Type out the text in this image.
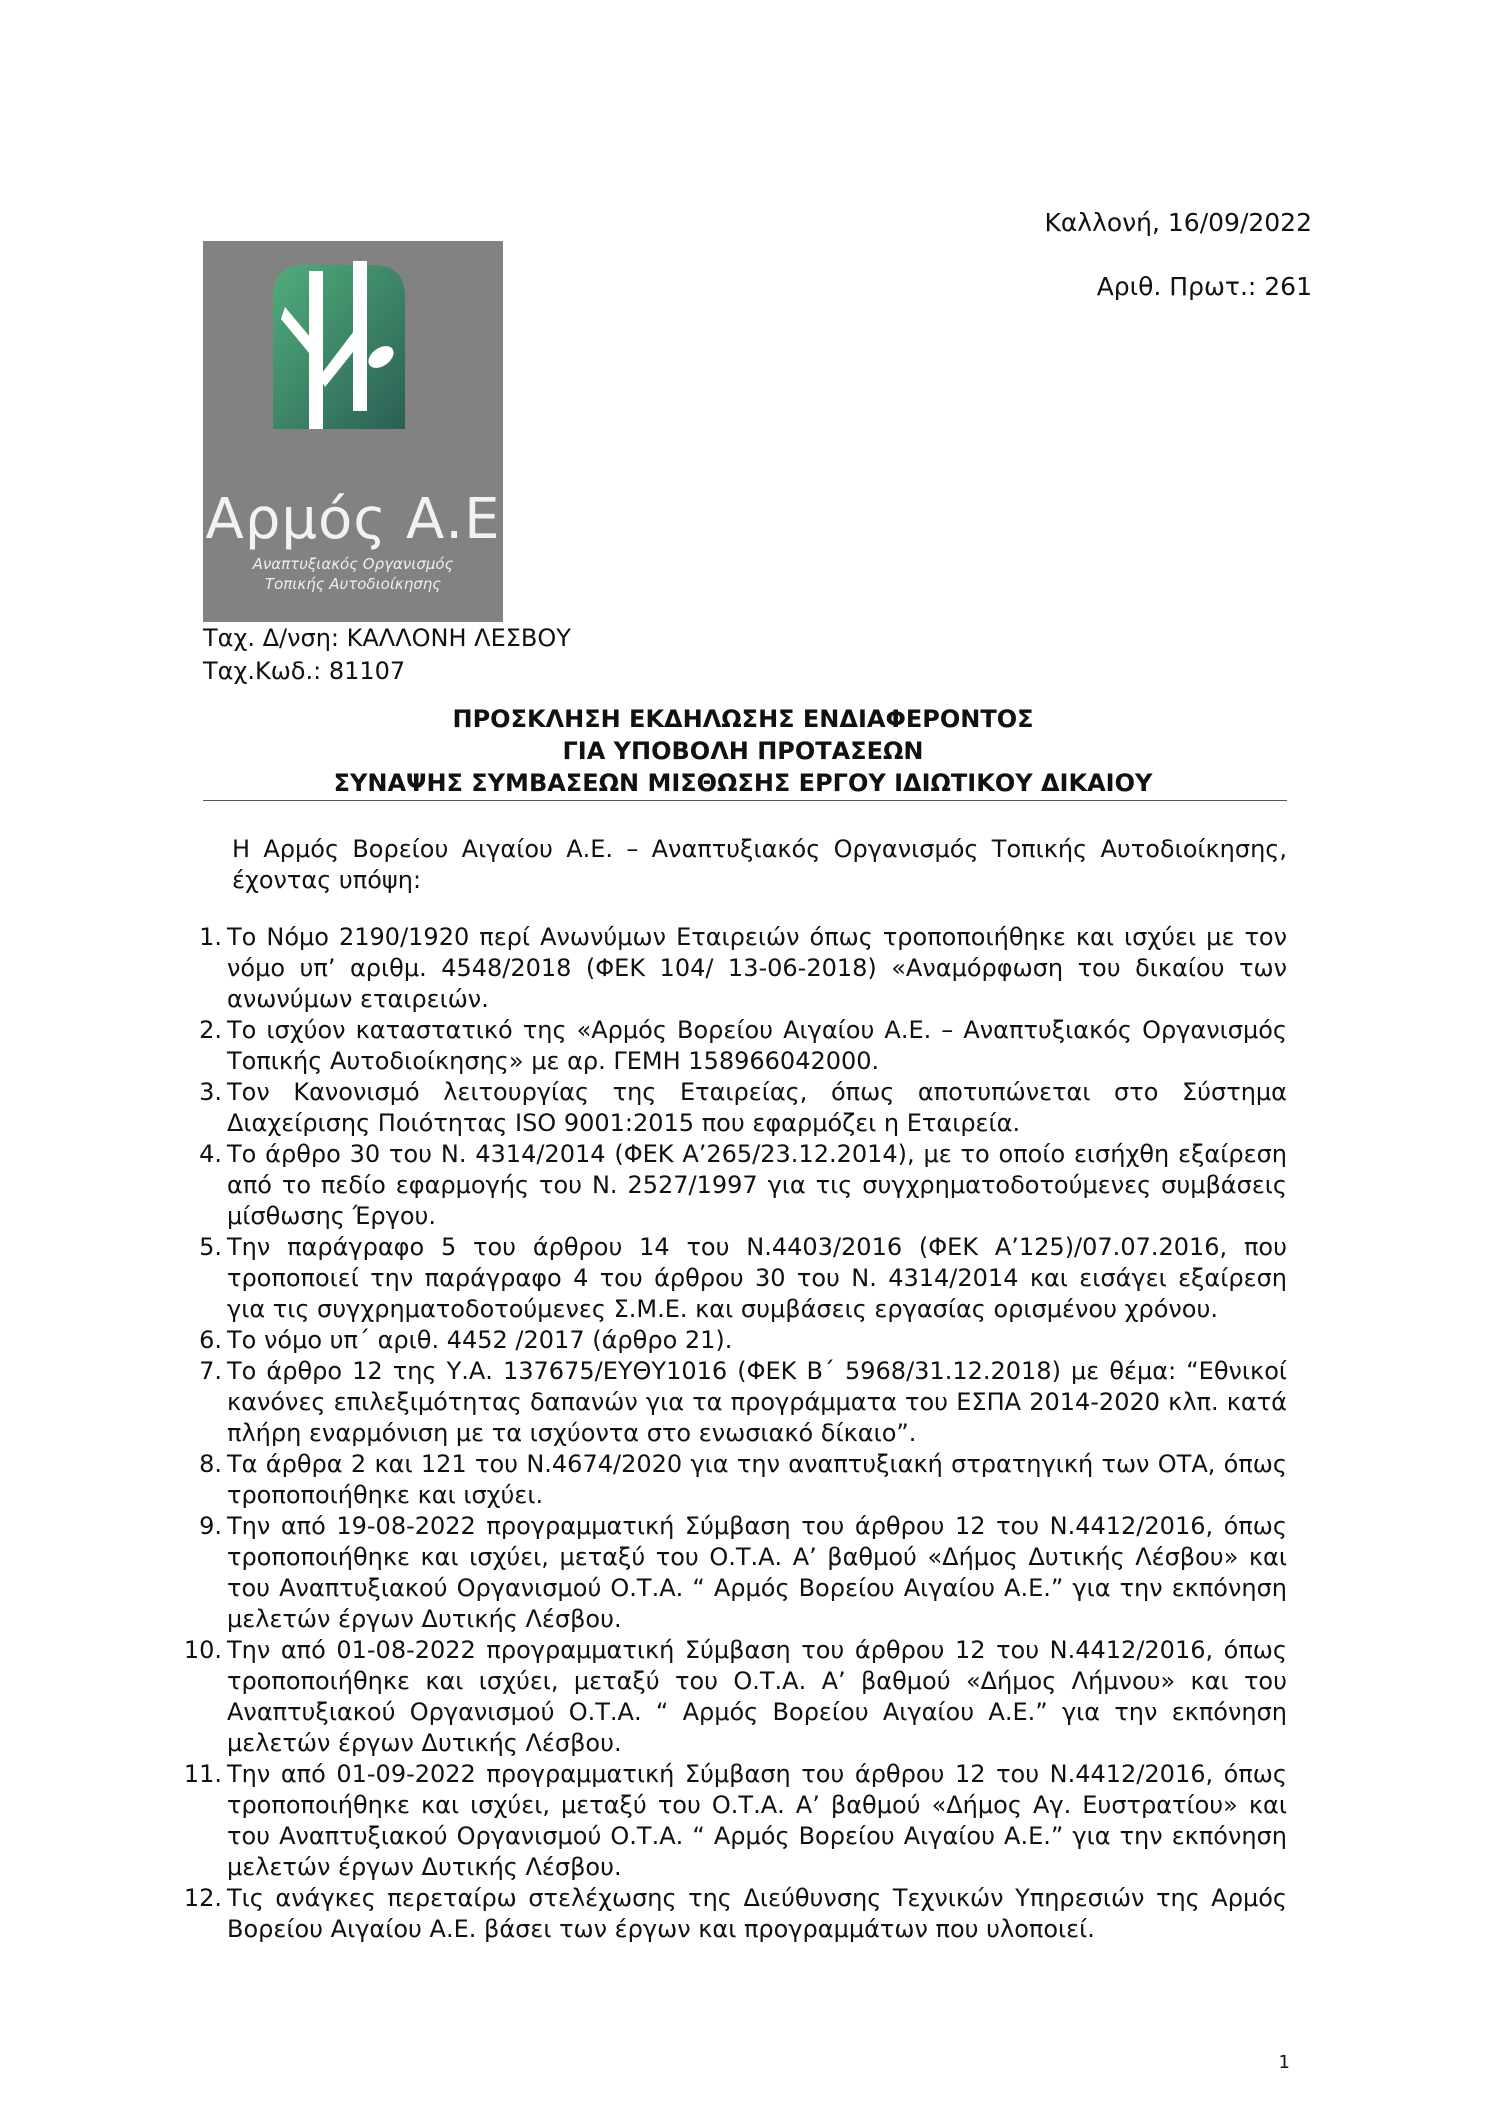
Καλλονή, 16/09/2022
Αριθ. Πρωτ.: 261
Αρμός Α.Ε
Αναπτυξιακός Οργανισμός
Τοπικής Αυτοδιοίκησης
Ταχ. Δ/νση: ΚΑΛΛΟΝΗ ΛΕΣΒΟΥ
Ταχ.Κωδ.: 81107
ΠΡΟΣΚΛΗΣΗ ΕΚΔΗΛΩΣΗΣ ΕΝΔΙΑΦΕΡΟΝΤΟΣ
ΓΙΑ ΥΠΟΒΟΛΗ ΠΡΟΤΑΣΕΩΝ
ΣΥΝΑΨΗΣ ΣΥΜΒΑΣΕΩΝ ΜΙΣΘΩΣΗΣ ΕΡΓΟΥ ΙΔΙΩΤΙΚΟΥ ΔΙΚΑΙΟΥ
Η Αρμός Βορείου Αιγαίου Α.Ε. – Αναπτυξιακός Οργανισμός Τοπικής Αυτοδιοίκησης, έχοντας υπόψη:
1. Το Νόμο 2190/1920 περί Ανωνύμων Εταιρειών όπως τροποποιήθηκε και ισχύει με τον νόμο υπ’ αριθμ. 4548/2018 (ΦΕΚ 104/ 13-06-2018) «Αναμόρφωση του δικαίου των ανωνύμων εταιρειών.
2. Το ισχύον καταστατικό της «Αρμός Βορείου Αιγαίου Α.Ε. – Αναπτυξιακός Οργανισμός Τοπικής Αυτοδιοίκησης» με αρ. ΓΕΜΗ 158966042000.
3. Τον Κανονισμό λειτουργίας της Εταιρείας, όπως αποτυπώνεται στο Σύστημα Διαχείρισης Ποιότητας ISO 9001:2015 που εφαρμόζει η Εταιρεία.
4. Το άρθρο 30 του Ν. 4314/2014 (ΦΕΚ Α’265/23.12.2014), με το οποίο εισήχθη εξαίρεση από το πεδίο εφαρμογής του Ν. 2527/1997 για τις συγχρηματοδοτούμενες συμβάσεις μίσθωσης Έργου.
5. Την παράγραφο 5 του άρθρου 14 του Ν.4403/2016 (ΦΕΚ Α’125)/07.07.2016, που τροποποιεί την παράγραφο 4 του άρθρου 30 του Ν. 4314/2014 και εισάγει εξαίρεση για τις συγχρηματοδοτούμενες Σ.Μ.Ε. και συμβάσεις εργασίας ορισμένου χρόνου.
6. Το νόμο υπ΄ αριθ. 4452 /2017 (άρθρο 21).
7. Το άρθρο 12 της Υ.Α. 137675/ΕΥΘΥ1016 (ΦΕΚ Β΄ 5968/31.12.2018) με θέμα: “Εθνικοί κανόνες επιλεξιμότητας δαπανών για τα προγράμματα του ΕΣΠΑ 2014-2020 κλπ. κατά πλήρη εναρμόνιση με τα ισχύοντα στο ενωσιακό δίκαιο”.
8. Τα άρθρα 2 και 121 του Ν.4674/2020 για την αναπτυξιακή στρατηγική των ΟΤΑ, όπως τροποποιήθηκε και ισχύει.
9. Την από 19-08-2022 προγραμματική Σύμβαση του άρθρου 12 του Ν.4412/2016, όπως τροποποιήθηκε και ισχύει, μεταξύ του Ο.Τ.Α. Α’ βαθμού «Δήμος Δυτικής Λέσβου» και του Αναπτυξιακού Οργανισμού Ο.Τ.Α. “ Αρμός Βορείου Αιγαίου Α.Ε.” για την εκπόνηση μελετών έργων Δυτικής Λέσβου.
10. Την από 01-08-2022 προγραμματική Σύμβαση του άρθρου 12 του Ν.4412/2016, όπως τροποποιήθηκε και ισχύει, μεταξύ του Ο.Τ.Α. Α’ βαθμού «Δήμος Λήμνου» και του Αναπτυξιακού Οργανισμού Ο.Τ.Α. “ Αρμός Βορείου Αιγαίου Α.Ε.” για την εκπόνηση μελετών έργων Δυτικής Λέσβου.
11. Την από 01-09-2022 προγραμματική Σύμβαση του άρθρου 12 του Ν.4412/2016, όπως τροποποιήθηκε και ισχύει, μεταξύ του Ο.Τ.Α. Α’ βαθμού «Δήμος Αγ. Ευστρατίου» και του Αναπτυξιακού Οργανισμού Ο.Τ.Α. “ Αρμός Βορείου Αιγαίου Α.Ε.” για την εκπόνηση μελετών έργων Δυτικής Λέσβου.
12. Τις ανάγκες περεταίρω στελέχωσης της Διεύθυνσης Τεχνικών Υπηρεσιών της Αρμός Βορείου Αιγαίου Α.Ε. βάσει των έργων και προγραμμάτων που υλοποιεί.
1
